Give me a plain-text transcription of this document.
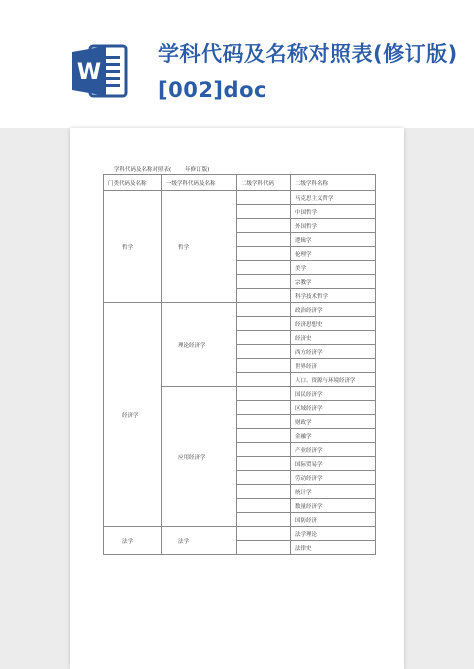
W
学科代码及名称对照表(修订版)[002]doc
学科代码及名称对照表(	年修订版)
门类代码及名称	一级学科代码及名称	二级学科代码	二级学科名称
哲学	哲学		马克思主义哲学
			中国哲学
			外国哲学
			逻辑学
			伦理学
			美学
			宗教学
			科学技术哲学
经济学	理论经济学		政治经济学
			经济思想史
			经济史
			西方经济学
			世界经济
			人口、资源与环境经济学
	应用经济学		国民经济学
			区域经济学
			财政学
			金融学
			产业经济学
			国际贸易学
			劳动经济学
			统计学
			数量经济学
			国防经济
法学	法学		法学理论
			法律史
